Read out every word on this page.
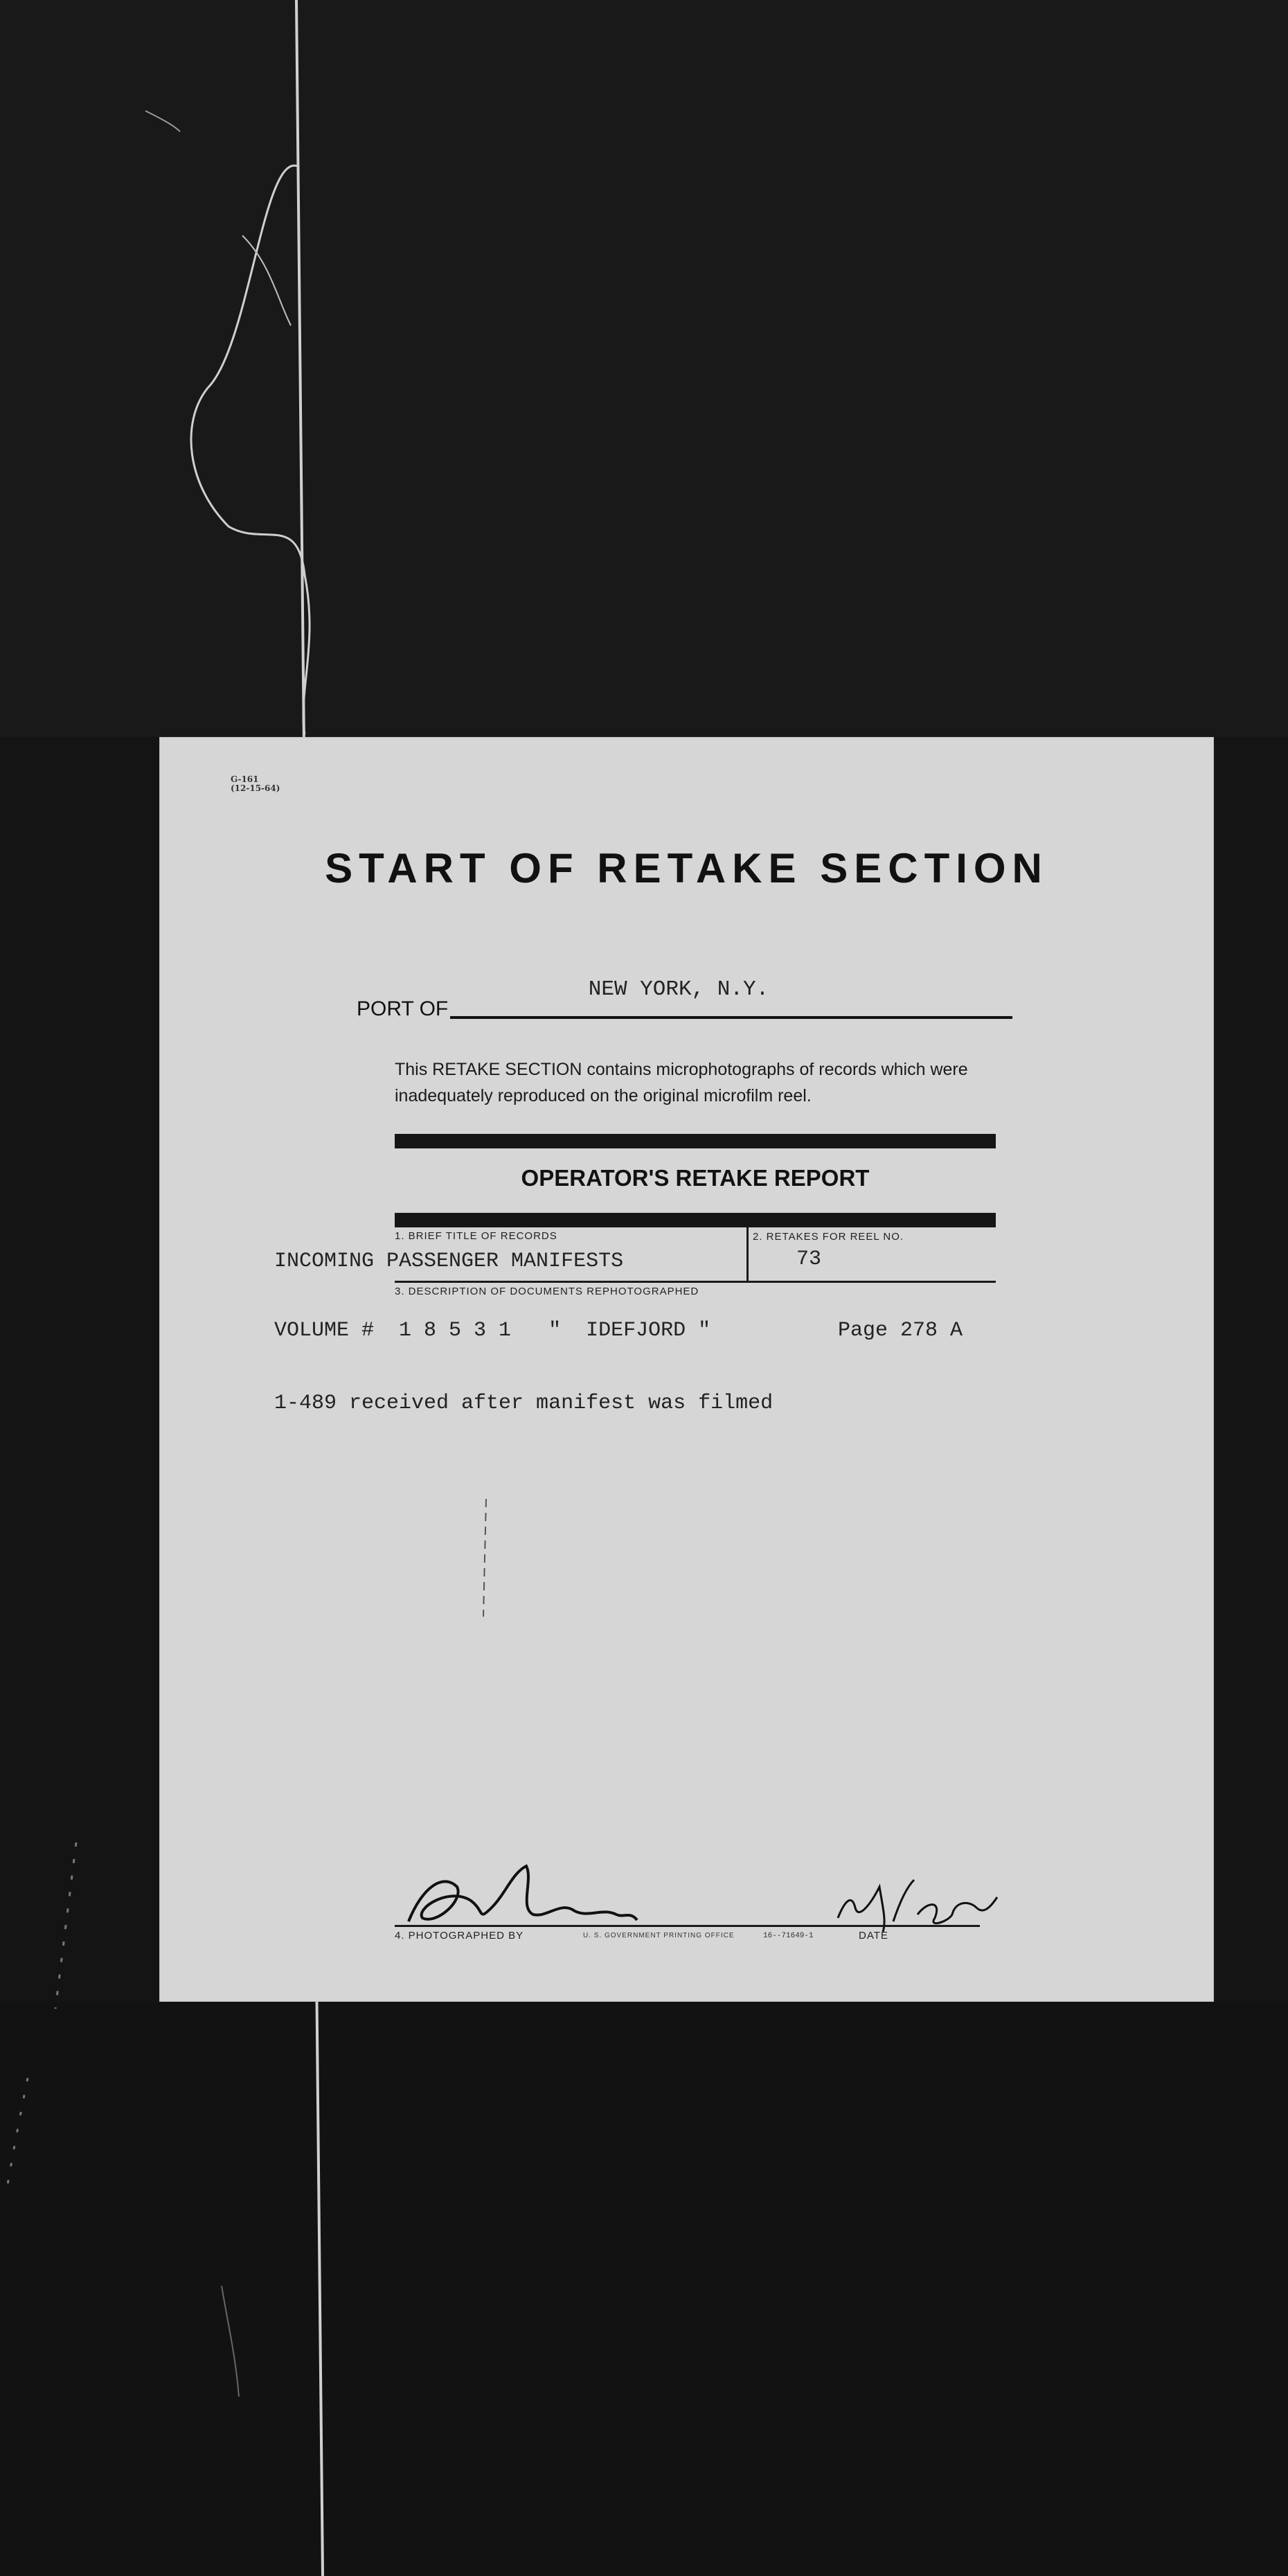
G-161
(12-15-64)
START OF RETAKE SECTION
PORT OF
NEW YORK, N.Y.
This RETAKE SECTION contains microphotographs of records which were inadequately reproduced on the original microfilm reel.
OPERATOR'S RETAKE REPORT
1. BRIEF TITLE OF RECORDS	2. RETAKES FOR REEL NO.
INCOMING PASSENGER MANIFESTS	73
3. DESCRIPTION OF DOCUMENTS REPHOTOGRAPHED
VOLUME #  1 8 5 3 1   "  IDEFJORD "	Page 278 A
1-489 received after manifest was filmed
4/26/55
4. PHOTOGRAPHED BY	U. S. GOVERNMENT PRINTING OFFICE	16--71649-1	DATE
